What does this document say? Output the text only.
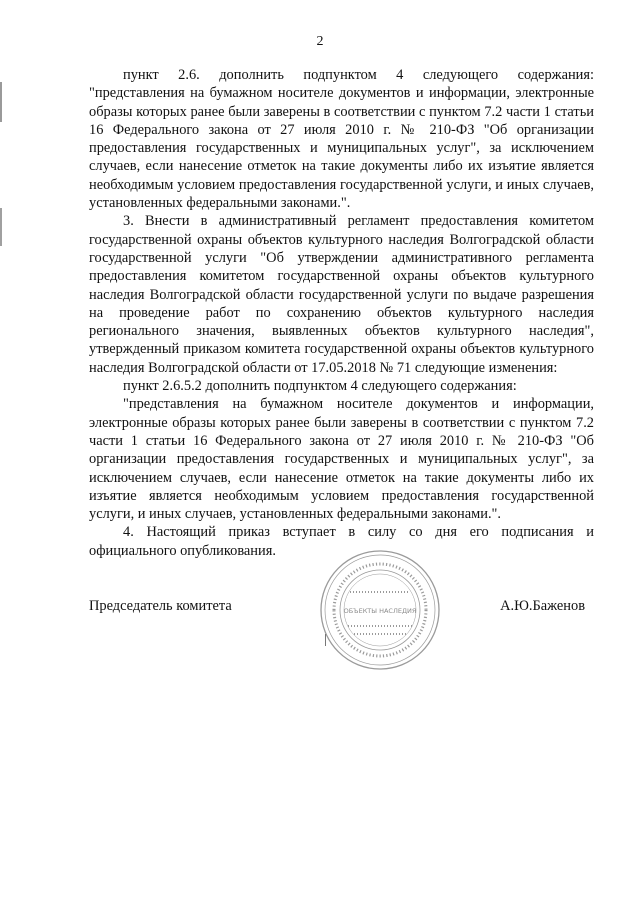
2

пункт 2.6. дополнить подпунктом 4 следующего содержания: "представления на бумажном носителе документов и информации, электронные образы которых ранее были заверены в соответствии с пунктом 7.2 части 1 статьи 16 Федерального закона от 27 июля 2010 г. № 210-ФЗ "Об организации предоставления государственных и муниципальных услуг", за исключением случаев, если нанесение отметок на такие документы либо их изъятие является необходимым условием предоставления государственной услуги, и иных случаев, установленных федеральными законами.".

3. Внести в административный регламент предоставления комитетом государственной охраны объектов культурного наследия Волгоградской области государственной услуги "Об утверждении административного регламента предоставления комитетом государственной охраны объектов культурного наследия Волгоградской области государственной услуги по выдаче разрешения на проведение работ по сохранению объектов культурного наследия регионального значения, выявленных объектов культурного наследия", утвержденный приказом комитета государственной охраны объектов культурного наследия Волгоградской области от 17.05.2018 № 71 следующие изменения:

пункт 2.6.5.2 дополнить подпунктом 4 следующего содержания:

"представления на бумажном носителе документов и информации, электронные образы которых ранее были заверены в соответствии с пунктом 7.2 части 1 статьи 16 Федерального закона от 27 июля 2010 г. № 210-ФЗ "Об организации предоставления государственных и муниципальных услуг", за исключением случаев, если нанесение отметок на такие документы либо их изъятие является необходимым условием предоставления государственной услуги, и иных случаев, установленных федеральными законами.".

4. Настоящий приказ вступает в силу со дня его подписания и официального опубликования.

Председатель комитета	А.Ю.Баженов
ОБЪЕКТЫ НАСЛЕДИЯ
